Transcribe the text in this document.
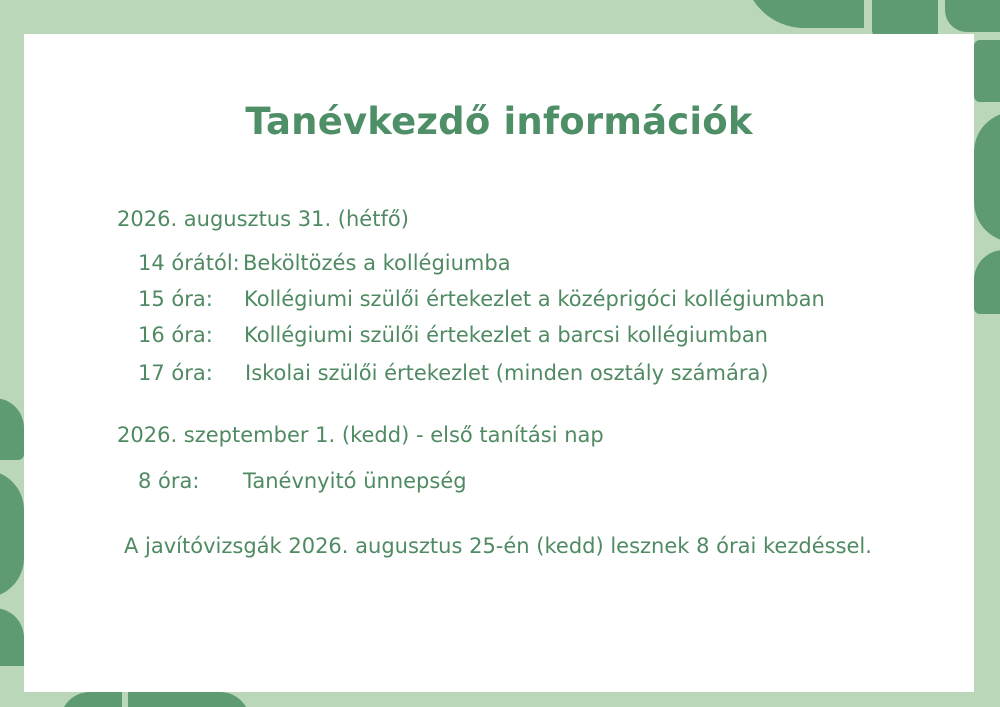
Tanévkezdő információk
2026. augusztus 31. (hétfő)
14 órától: Beköltözés a kollégiumba
15 óra: Kollégiumi szülői értekezlet a középrigóci kollégiumban
16 óra: Kollégiumi szülői értekezlet a barcsi kollégiumban
17 óra: Iskolai szülői értekezlet (minden osztály számára)
2026. szeptember 1. (kedd) - első tanítási nap
8 óra: Tanévnyitó ünnepség
A javítóvizsgák 2026. augusztus 25-én (kedd) lesznek 8 órai kezdéssel.
